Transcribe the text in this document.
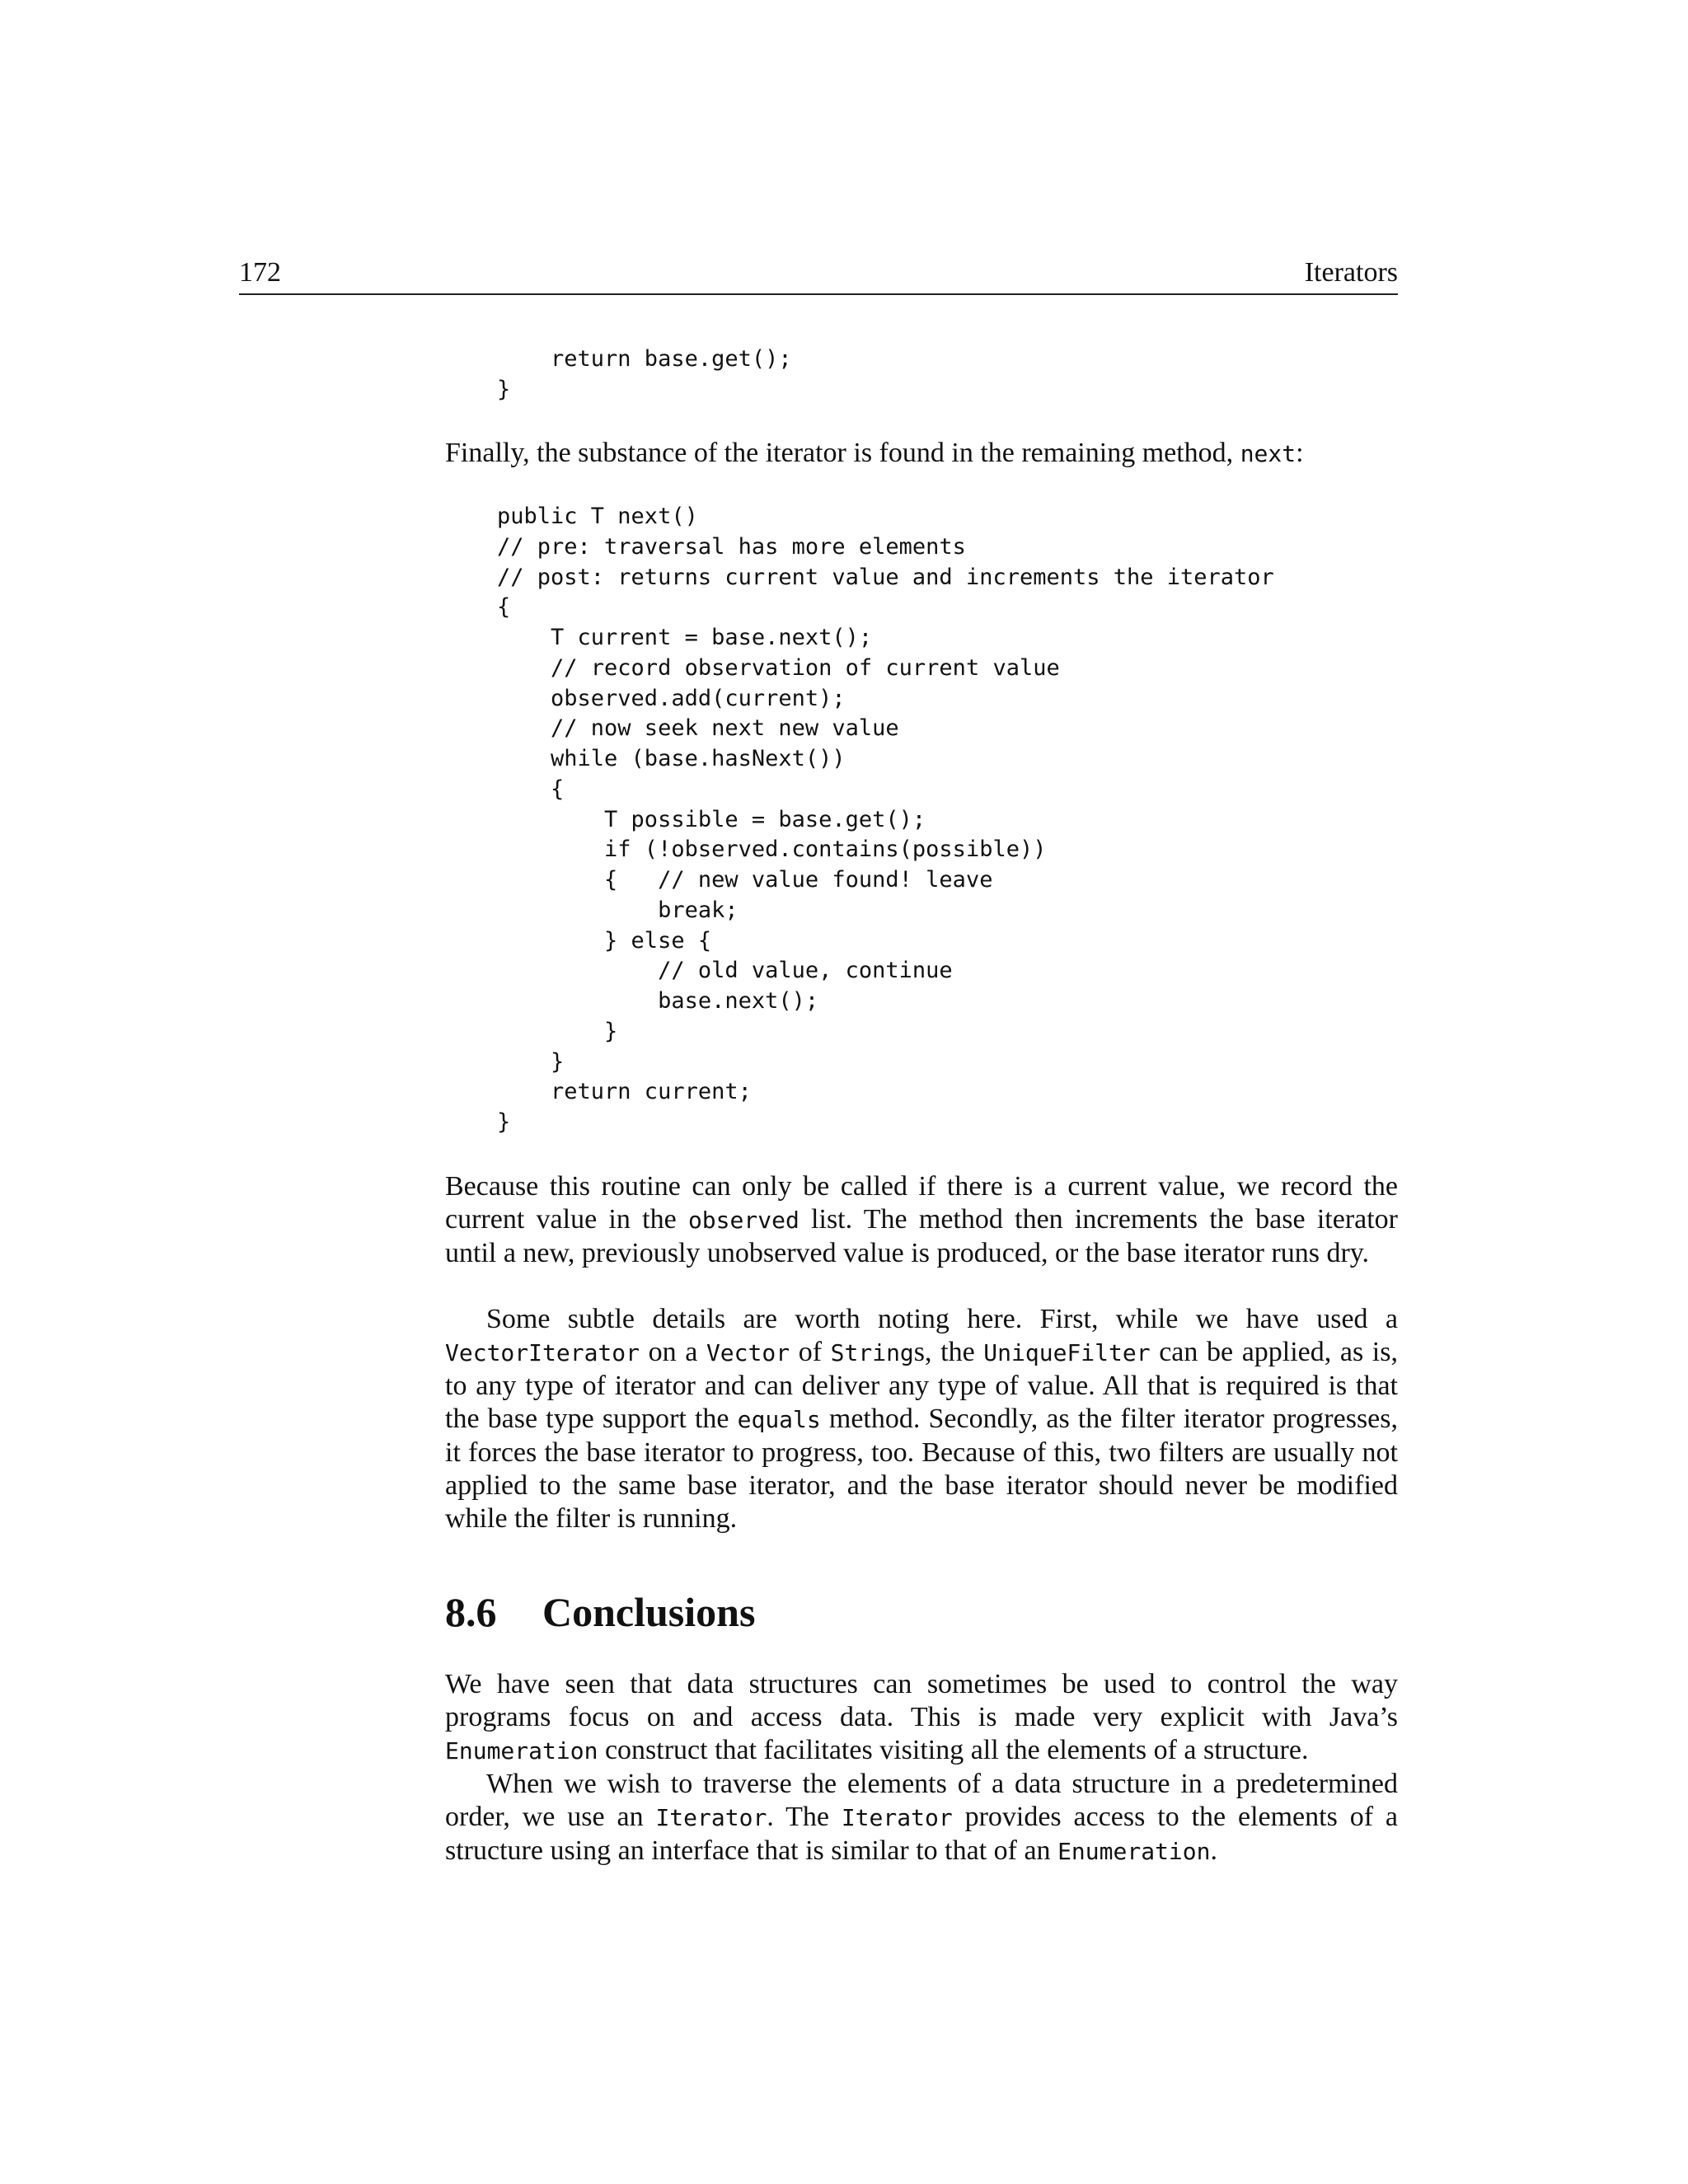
172	Iterators
return base.get();
}

Finally, the substance of the iterator is found in the remaining method, next:

public T next()
// pre: traversal has more elements
// post: returns current value and increments the iterator
{
T current = base.next();
// record observation of current value
observed.add(current);
// now seek next new value
while (base.hasNext())
{
T possible = base.get();
if (!observed.contains(possible))
{   // new value found! leave
break;
} else {
// old value, continue
base.next();
}
}
return current;
}

Because this routine can only be called if there is a current value, we record the current value in the observed list. The method then increments the base iterator until a new, previously unobserved value is produced, or the base iterator runs dry.

Some subtle details are worth noting here. First, while we have used a VectorIterator on a Vector of Strings, the UniqueFilter can be applied, as is, to any type of iterator and can deliver any type of value. All that is required is that the base type support the equals method. Secondly, as the filter iterator progresses, it forces the base iterator to progress, too. Because of this, two filters are usually not applied to the same base iterator, and the base iterator should never be modified while the filter is running.

8.6 Conclusions

We have seen that data structures can sometimes be used to control the way programs focus on and access data. This is made very explicit with Java’s Enumeration construct that facilitates visiting all the elements of a structure.

When we wish to traverse the elements of a data structure in a predetermined order, we use an Iterator. The Iterator provides access to the elements of a structure using an interface that is similar to that of an Enumeration.
